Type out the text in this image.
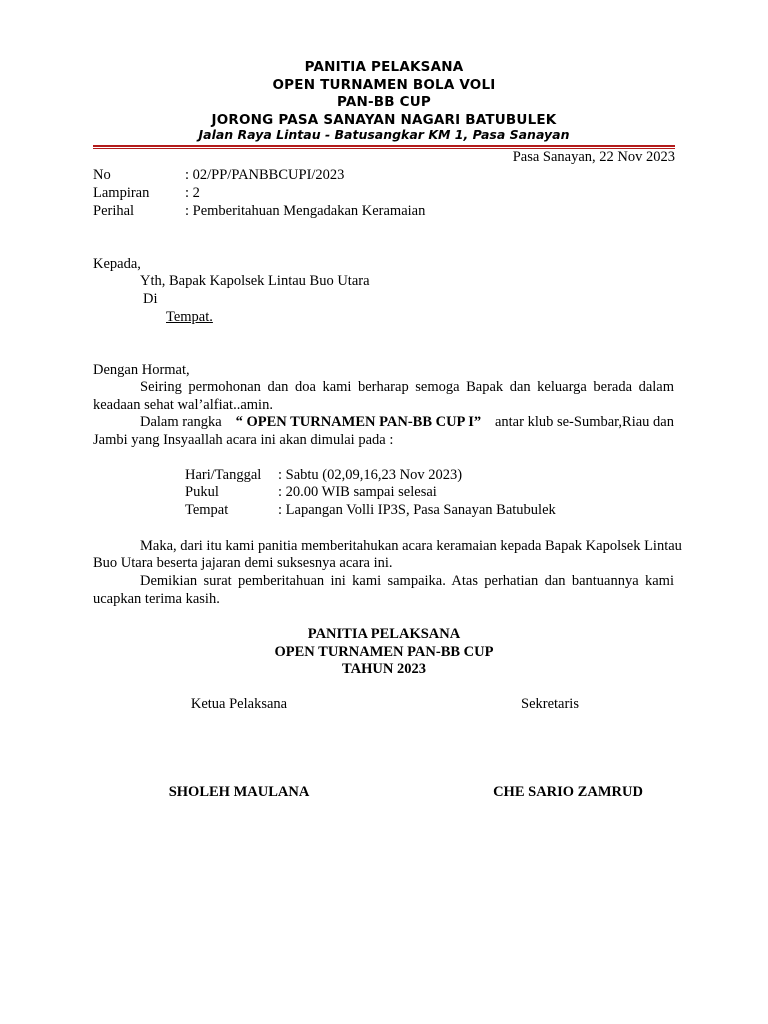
PANITIA PELAKSANA
OPEN TURNAMEN BOLA VOLI
PAN-BB CUP
JORONG PASA SANAYAN NAGARI BATUBULEK
Jalan Raya Lintau - Batusangkar KM 1, Pasa Sanayan
Pasa Sanayan, 22 Nov 2023
No	: 02/PP/PANBBCUPI/2023
Lampiran : 2
Perihal	: Pemberitahuan Mengadakan Keramaian
Kepada,
Yth, Bapak Kapolsek Lintau Buo Utara
Di
Tempat.
Dengan Hormat,
Seiring permohonan dan doa kami berharap semoga Bapak dan keluarga berada dalam
keadaan sehat wal’alfiat..amin.
Dalam rangka “ OPEN TURNAMEN PAN-BB CUP I” antar klub se-Sumbar,Riau dan
Jambi yang Insyaallah acara ini akan dimulai pada :
Hari/Tanggal : Sabtu (02,09,16,23 Nov 2023)
Pukul	: 20.00 WIB sampai selesai
Tempat	: Lapangan Volli IP3S, Pasa Sanayan Batubulek
Maka, dari itu kami panitia memberitahukan acara keramaian kepada Bapak Kapolsek Lintau
Buo Utara beserta jajaran demi suksesnya acara ini.
Demikian surat pemberitahuan ini kami sampaika. Atas perhatian dan bantuannya kami
ucapkan terima kasih.
PANITIA PELAKSANA
OPEN TURNAMEN PAN-BB CUP
TAHUN 2023
Ketua Pelaksana	Sekretaris
SHOLEH MAULANA	CHE SARIO ZAMRUD
